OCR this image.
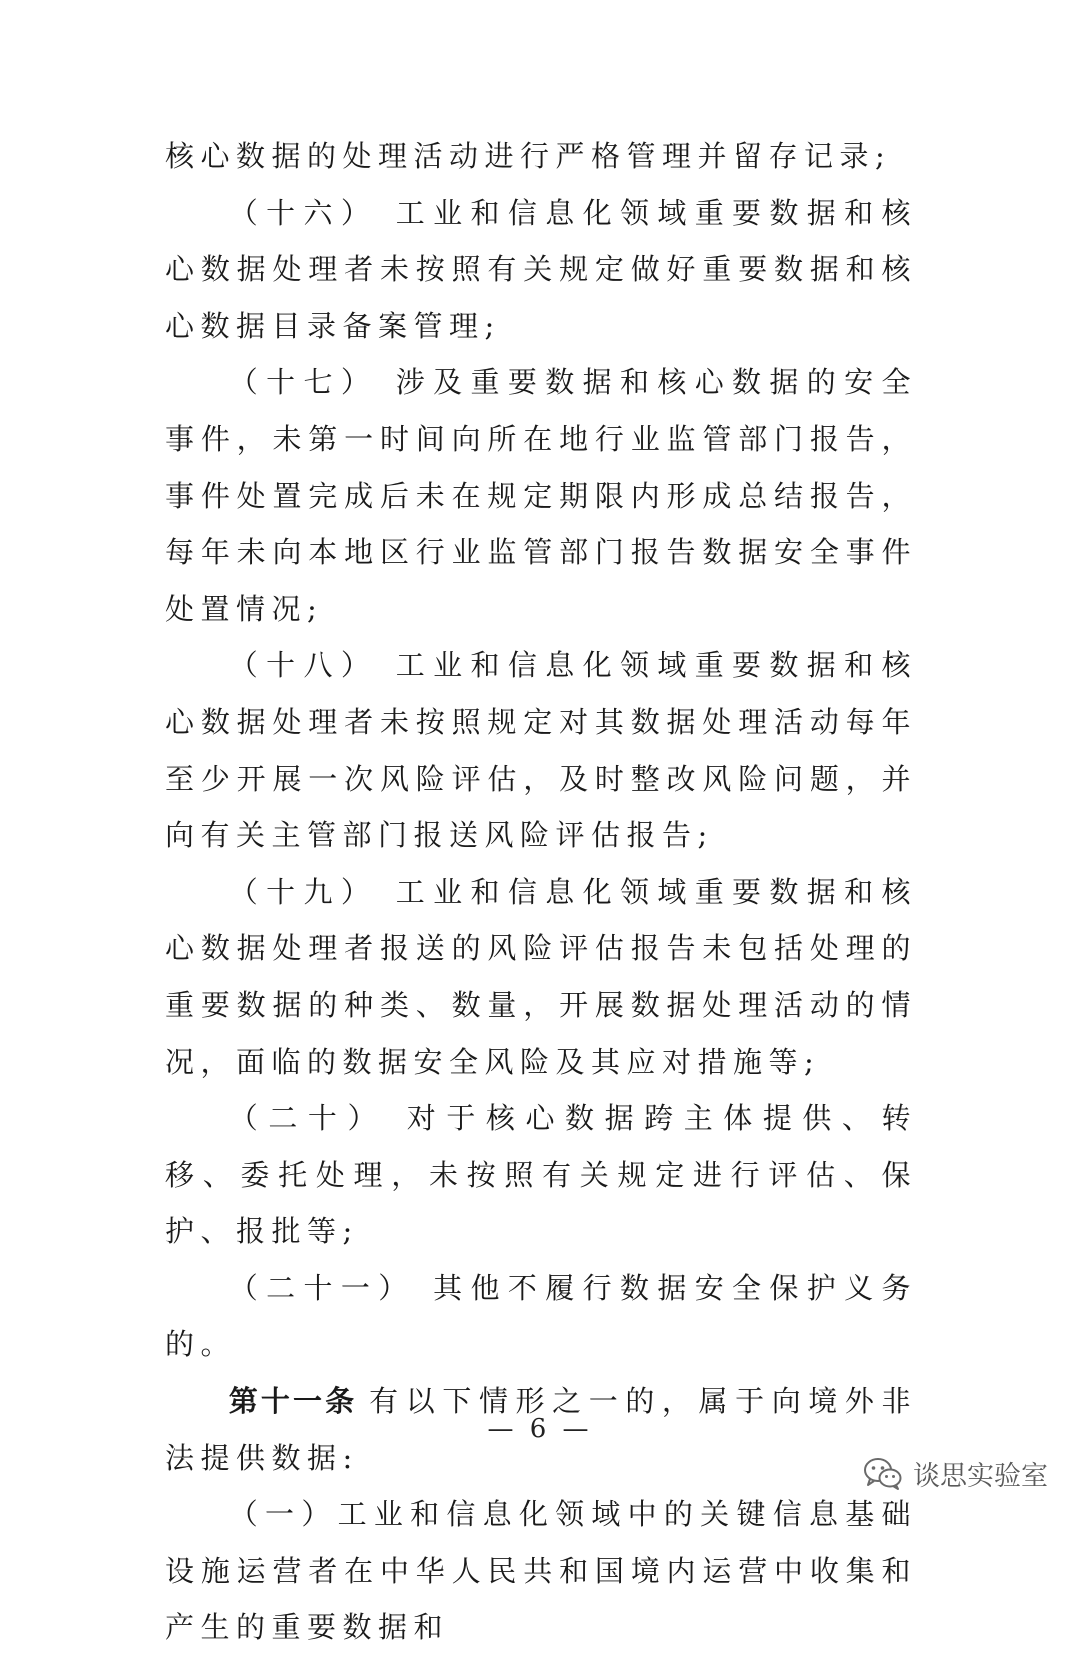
核心数据的处理活动进行严格管理并留存记录;

（十六） 工业和信息化领域重要数据和核心数据处理者未按照有关规定做好重要数据和核心数据目录备案管理;

（十七） 涉及重要数据和核心数据的安全事件，未第一时间向所在地行业监管部门报告，事件处置完成后未在规定期限内形成总结报告，每年未向本地区行业监管部门报告数据安全事件处置情况;

（十八） 工业和信息化领域重要数据和核心数据处理者未按照规定对其数据处理活动每年至少开展一次风险评估，及时整改风险问题，并向有关主管部门报送风险评估报告;

（十九） 工业和信息化领域重要数据和核心数据处理者报送的风险评估报告未包括处理的重要数据的种类、数量，开展数据处理活动的情况，面临的数据安全风险及其应对措施等;

（二十） 对于核心数据跨主体提供、转移、委托处理，未按照有关规定进行评估、保护、报批等;

（二十一） 其他不履行数据安全保护义务的。

第十一条 有以下情形之一的，属于向境外非法提供数据:

（一）工业和信息化领域中的关键信息基础设施运营者在中华人民共和国境内运营中收集和产生的重要数据和

— 6 —
谈思实验室
